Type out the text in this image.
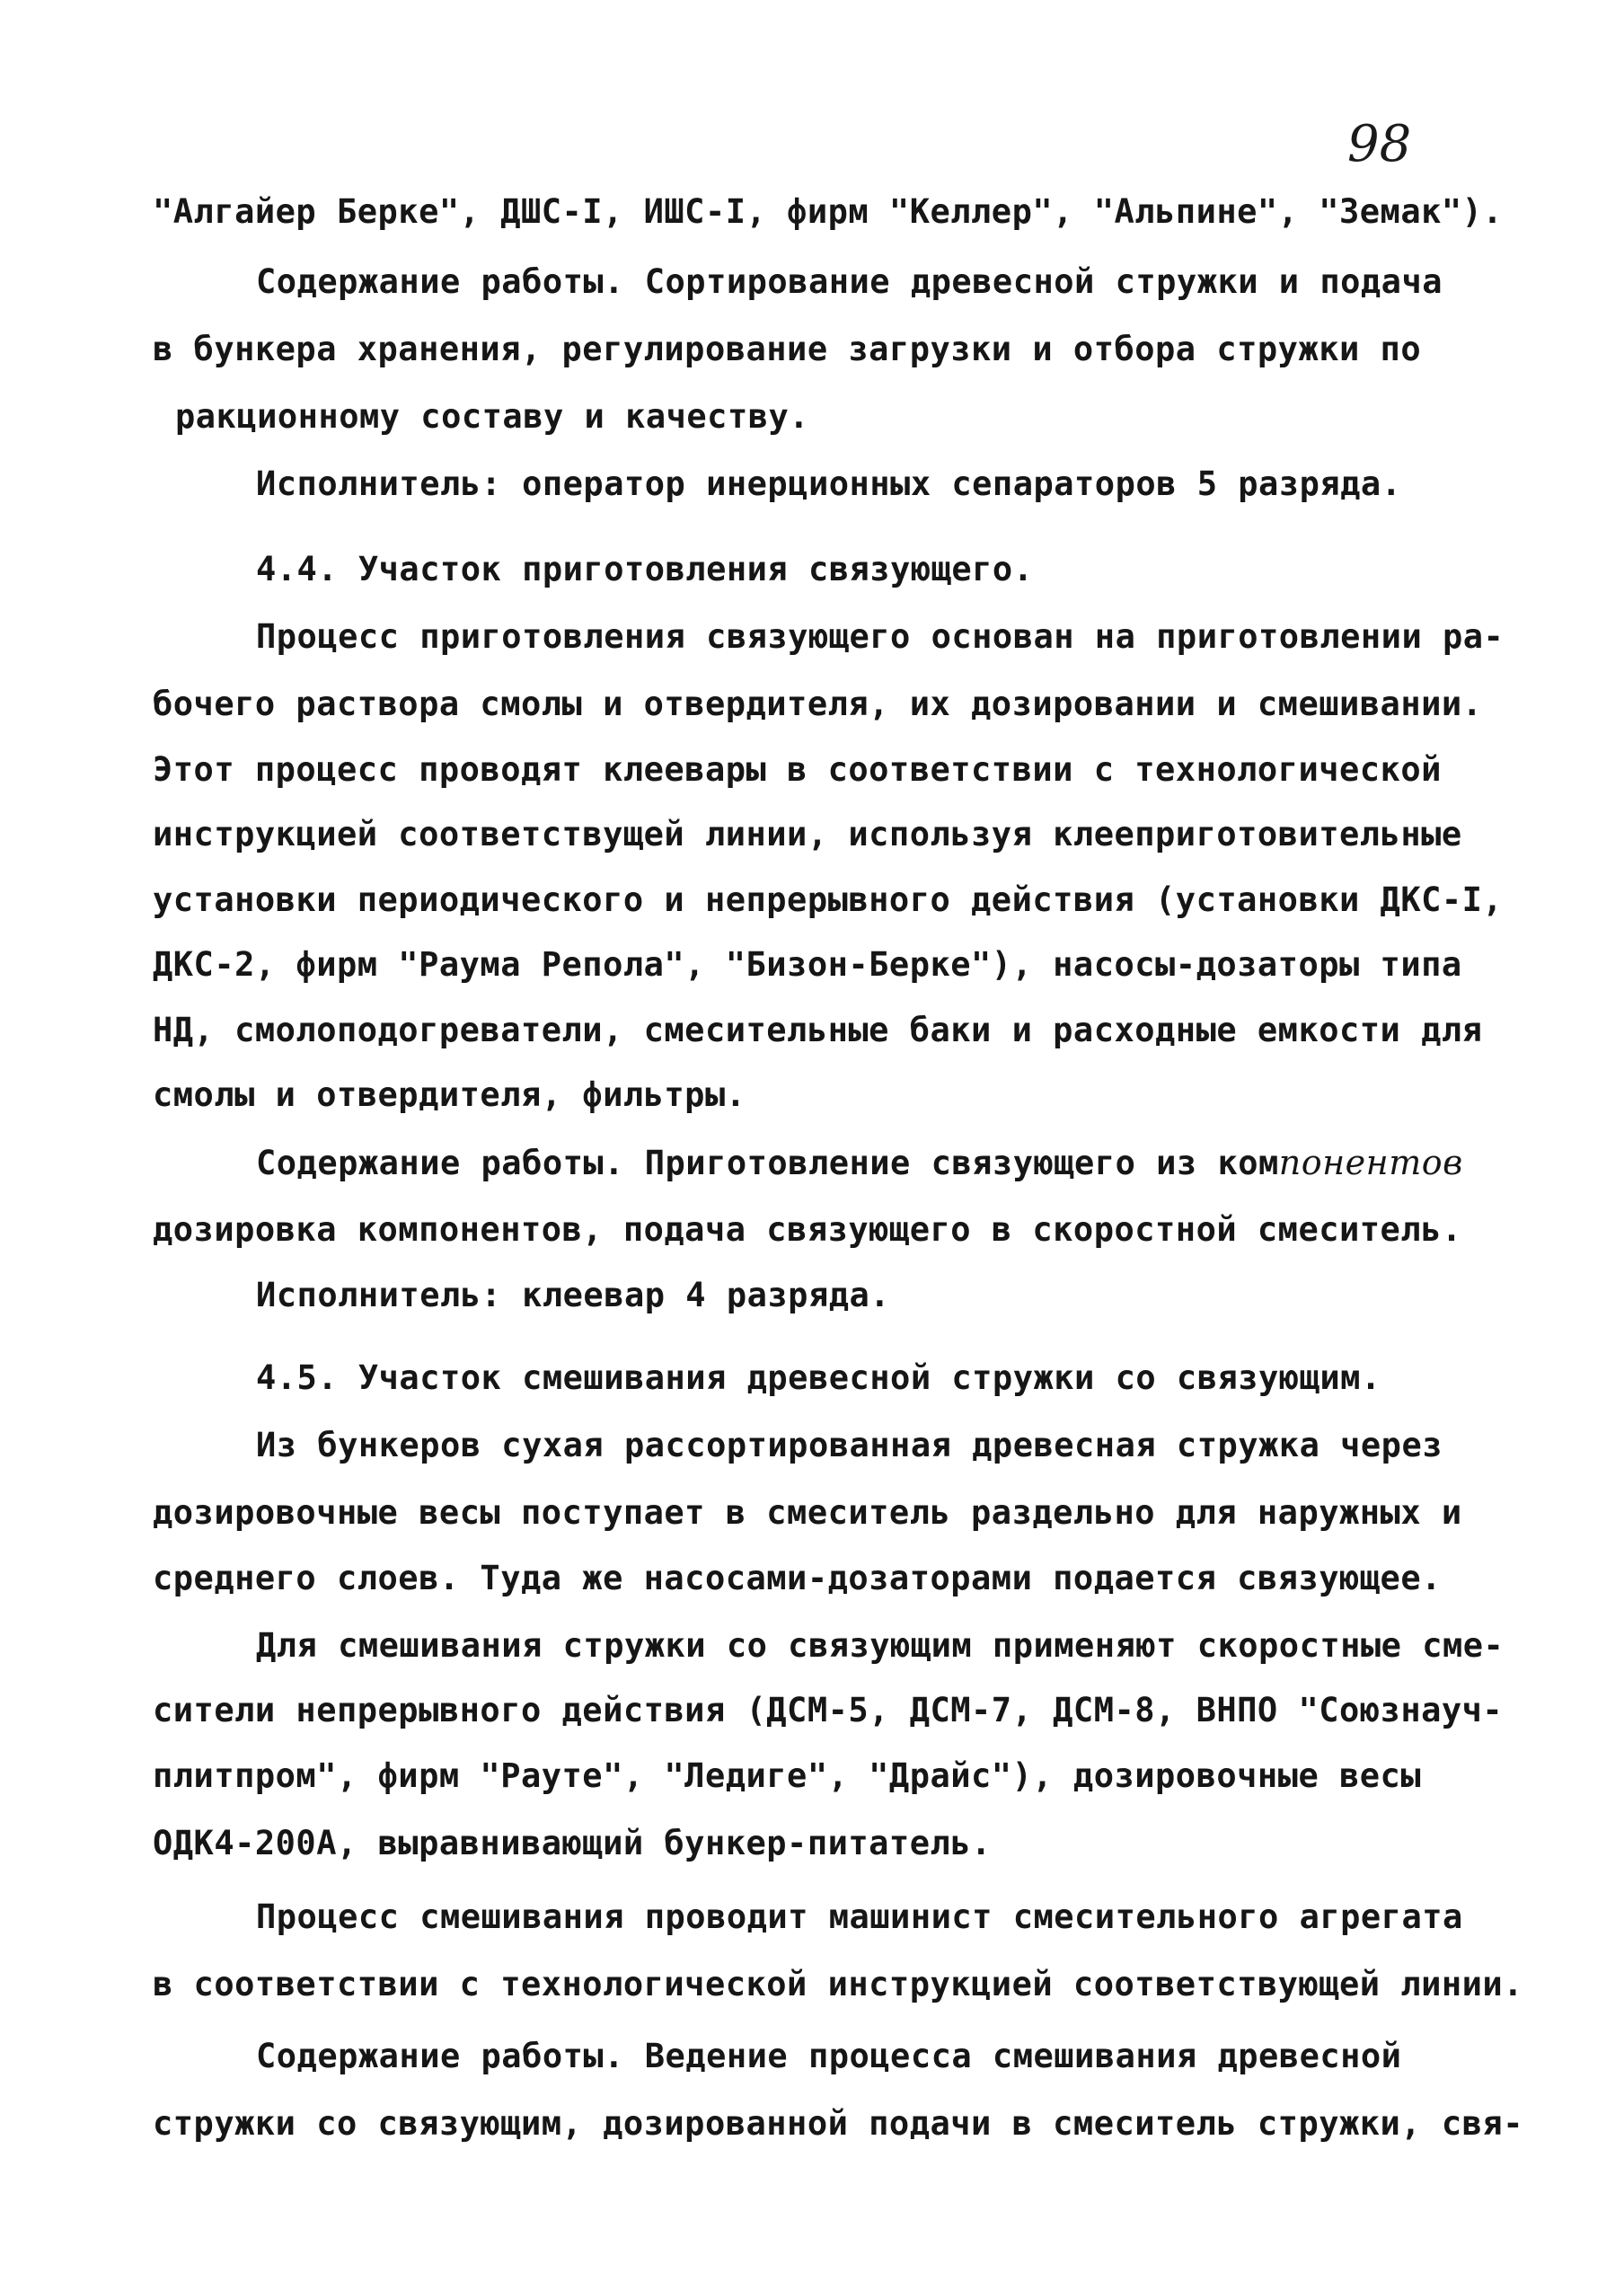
98
"Алгайер Берке", ДШС-I, ИШС-I, фирм "Келлер", "Альпине", "Земак").
Содержание работы. Сортирование древесной стружки и подача
в бункера хранения, регулирование загрузки и отбора стружки по
ракционному составу и качеству.
Исполнитель: оператор инерционных сепараторов 5 разряда.
4.4. Участок приготовления связующего.
Процесс приготовления связующего основан на приготовлении ра-
бочего раствора смолы и отвердителя, их дозировании и смешивании.
Этот процесс проводят клеевары в соответствии с технологической
инструкцией соответствущей линии, используя клееприготовительные
установки периодического и непрерывного действия (установки ДКС-I,
ДКС-2, фирм "Раума Репола", "Бизон-Берке"), насосы-дозаторы типа
НД, смолоподогреватели, смесительные баки и расходные емкости для
смолы и отвердителя, фильтры.
Содержание работы. Приготовление связующего из компонентов
дозировка компонентов, подача связующего в скоростной смеситель.
Исполнитель: клеевар 4 разряда.
4.5. Участок смешивания древесной стружки со связующим.
Из бункеров сухая рассортированная древесная стружка через
дозировочные весы поступает в смеситель раздельно для наружных и
среднего слоев. Туда же насосами-дозаторами подается связующее.
Для смешивания стружки со связующим применяют скоростные сме-
сители непрерывного действия (ДСМ-5, ДСМ-7, ДСМ-8, ВНПО "Союзнауч-
плитпром", фирм "Рауте", "Ледиге", "Драйс"), дозировочные весы
ОДК4-200А, выравнивающий бункер-питатель.
Процесс смешивания проводит машинист смесительного агрегата
в соответствии с технологической инструкцией соответствующей линии.
Содержание работы. Ведение процесса смешивания древесной
стружки со связующим, дозированной подачи в смеситель стружки, свя-
